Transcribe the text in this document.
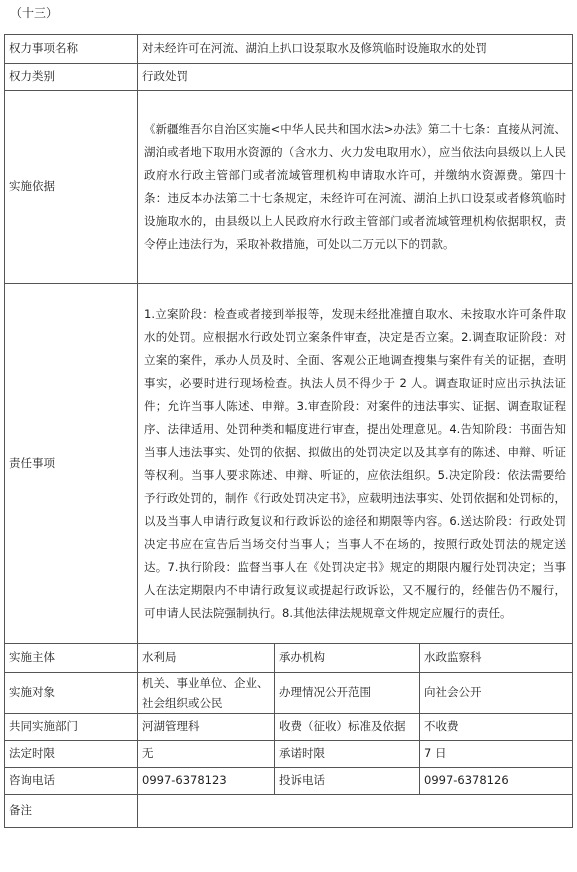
（十三）
权力事项名称	对未经许可在河流、湖泊上扒口设泵取水及修筑临时设施取水的处罚		
权力类别	行政处罚		
实施依据	《新疆维吾尔自治区实施<中华人民共和国水法>办法》第二十七条：直接从河流、湖泊或者地下取用水资源的（含水力、火力发电取用水），应当依法向县级以上人民政府水行政主管部门或者流域管理机构申请取水许可，并缴纳水资源费。第四十条：违反本办法第二十七条规定，未经许可在河流、湖泊上扒口设泵或者修筑临时设施取水的，由县级以上人民政府水行政主管部门或者流域管理机构依据职权，责令停止违法行为，采取补救措施，可处以二万元以下的罚款。		
责任事项	1.立案阶段：检查或者接到举报等，发现未经批准擅自取水、未按取水许可条件取水的处罚。应根据水行政处罚立案条件审查，决定是否立案。2.调查取证阶段：对立案的案件，承办人员及时、全面、客观公正地调查搜集与案件有关的证据，查明事实，必要时进行现场检查。执法人员不得少于 2 人。调查取证时应出示执法证件；允许当事人陈述、申辩。3.审查阶段：对案件的违法事实、证据、调查取证程序、法律适用、处罚种类和幅度进行审查，提出处理意见。4.告知阶段：书面告知当事人违法事实、处罚的依据、拟做出的处罚决定以及其享有的陈述、申辩、听证等权利。当事人要求陈述、申辩、听证的，应依法组织。5.决定阶段：依法需要给予行政处罚的，制作《行政处罚决定书》，应载明违法事实、处罚依据和处罚标的，以及当事人申请行政复议和行政诉讼的途径和期限等内容。6.送达阶段：行政处罚决定书应在宣告后当场交付当事人；当事人不在场的，按照行政处罚法的规定送达。7.执行阶段：监督当事人在《处罚决定书》规定的期限内履行处罚决定；当事人在法定期限内不申请行政复议或提起行政诉讼，又不履行的，经催告仍不履行，可申请人民法院强制执行。8.其他法律法规规章文件规定应履行的责任。		
实施主体	水利局	承办机构	水政监察科
实施对象	机关、事业单位、企业、社会组织或公民	办理情况公开范围	向社会公开
共同实施部门	河湖管理科	收费（征收）标准及依据	不收费
法定时限	无	承诺时限	7 日
咨询电话	0997-6378123	投诉电话	0997-6378126
备注			
